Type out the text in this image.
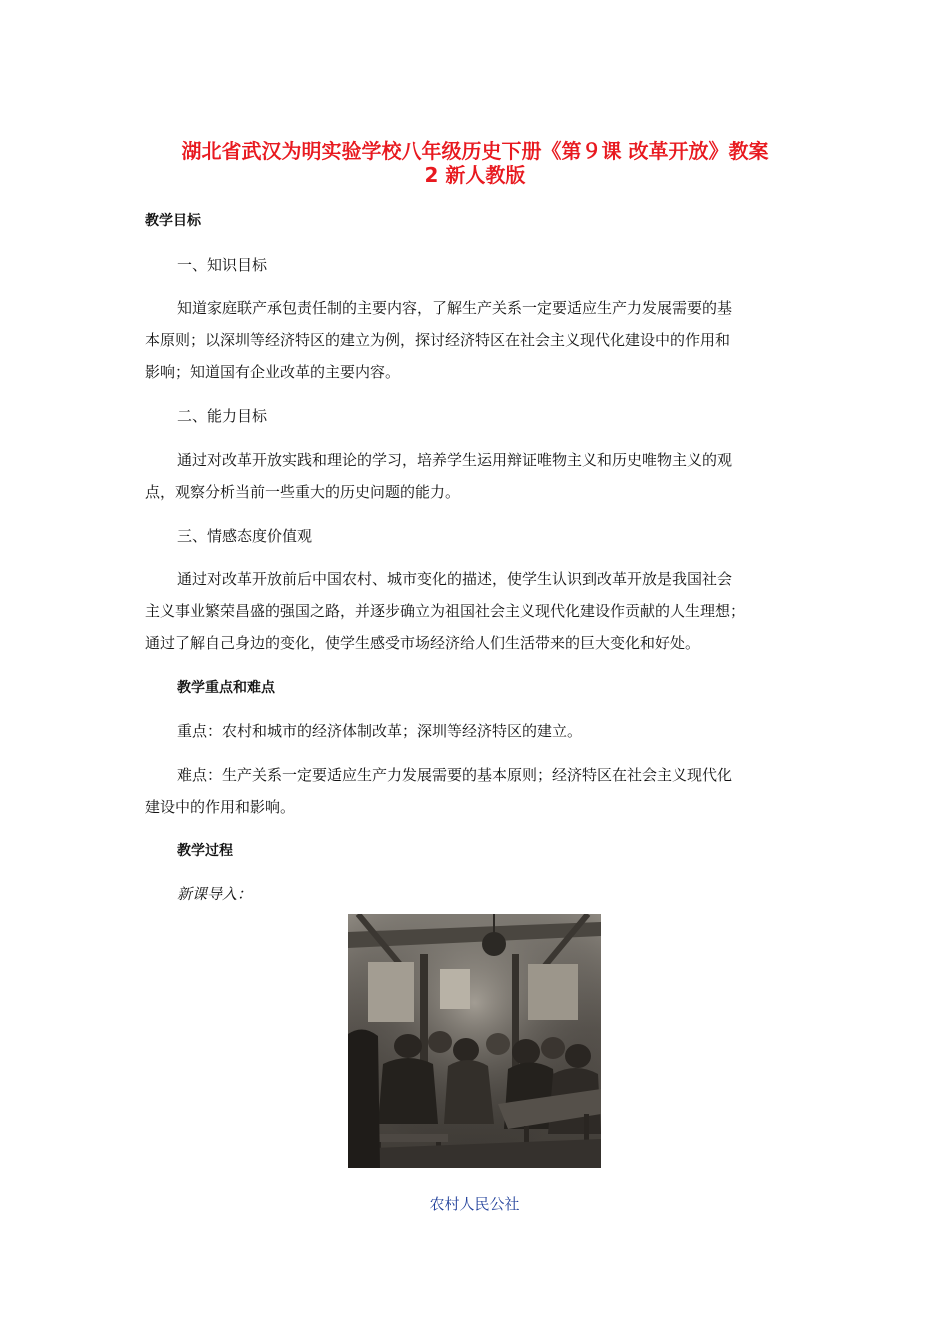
湖北省武汉为明实验学校八年级历史下册《第９课 改革开放》教案
2 新人教版
教学目标
一、知识目标
知道家庭联产承包责任制的主要内容，了解生产关系一定要适应生产力发展需要的基
本原则；以深圳等经济特区的建立为例，探讨经济特区在社会主义现代化建设中的作用和
影响；知道国有企业改革的主要内容。
二、能力目标
通过对改革开放实践和理论的学习，培养学生运用辩证唯物主义和历史唯物主义的观
点，观察分析当前一些重大的历史问题的能力。
三、情感态度价值观
通过对改革开放前后中国农村、城市变化的描述，使学生认识到改革开放是我国社会
主义事业繁荣昌盛的强国之路，并逐步确立为祖国社会主义现代化建设作贡献的人生理想；
通过了解自己身边的变化，使学生感受市场经济给人们生活带来的巨大变化和好处。
教学重点和难点
重点：农村和城市的经济体制改革；深圳等经济特区的建立。
难点：生产关系一定要适应生产力发展需要的基本原则；经济特区在社会主义现代化
建设中的作用和影响。
教学过程
新课导入：
农村人民公社
